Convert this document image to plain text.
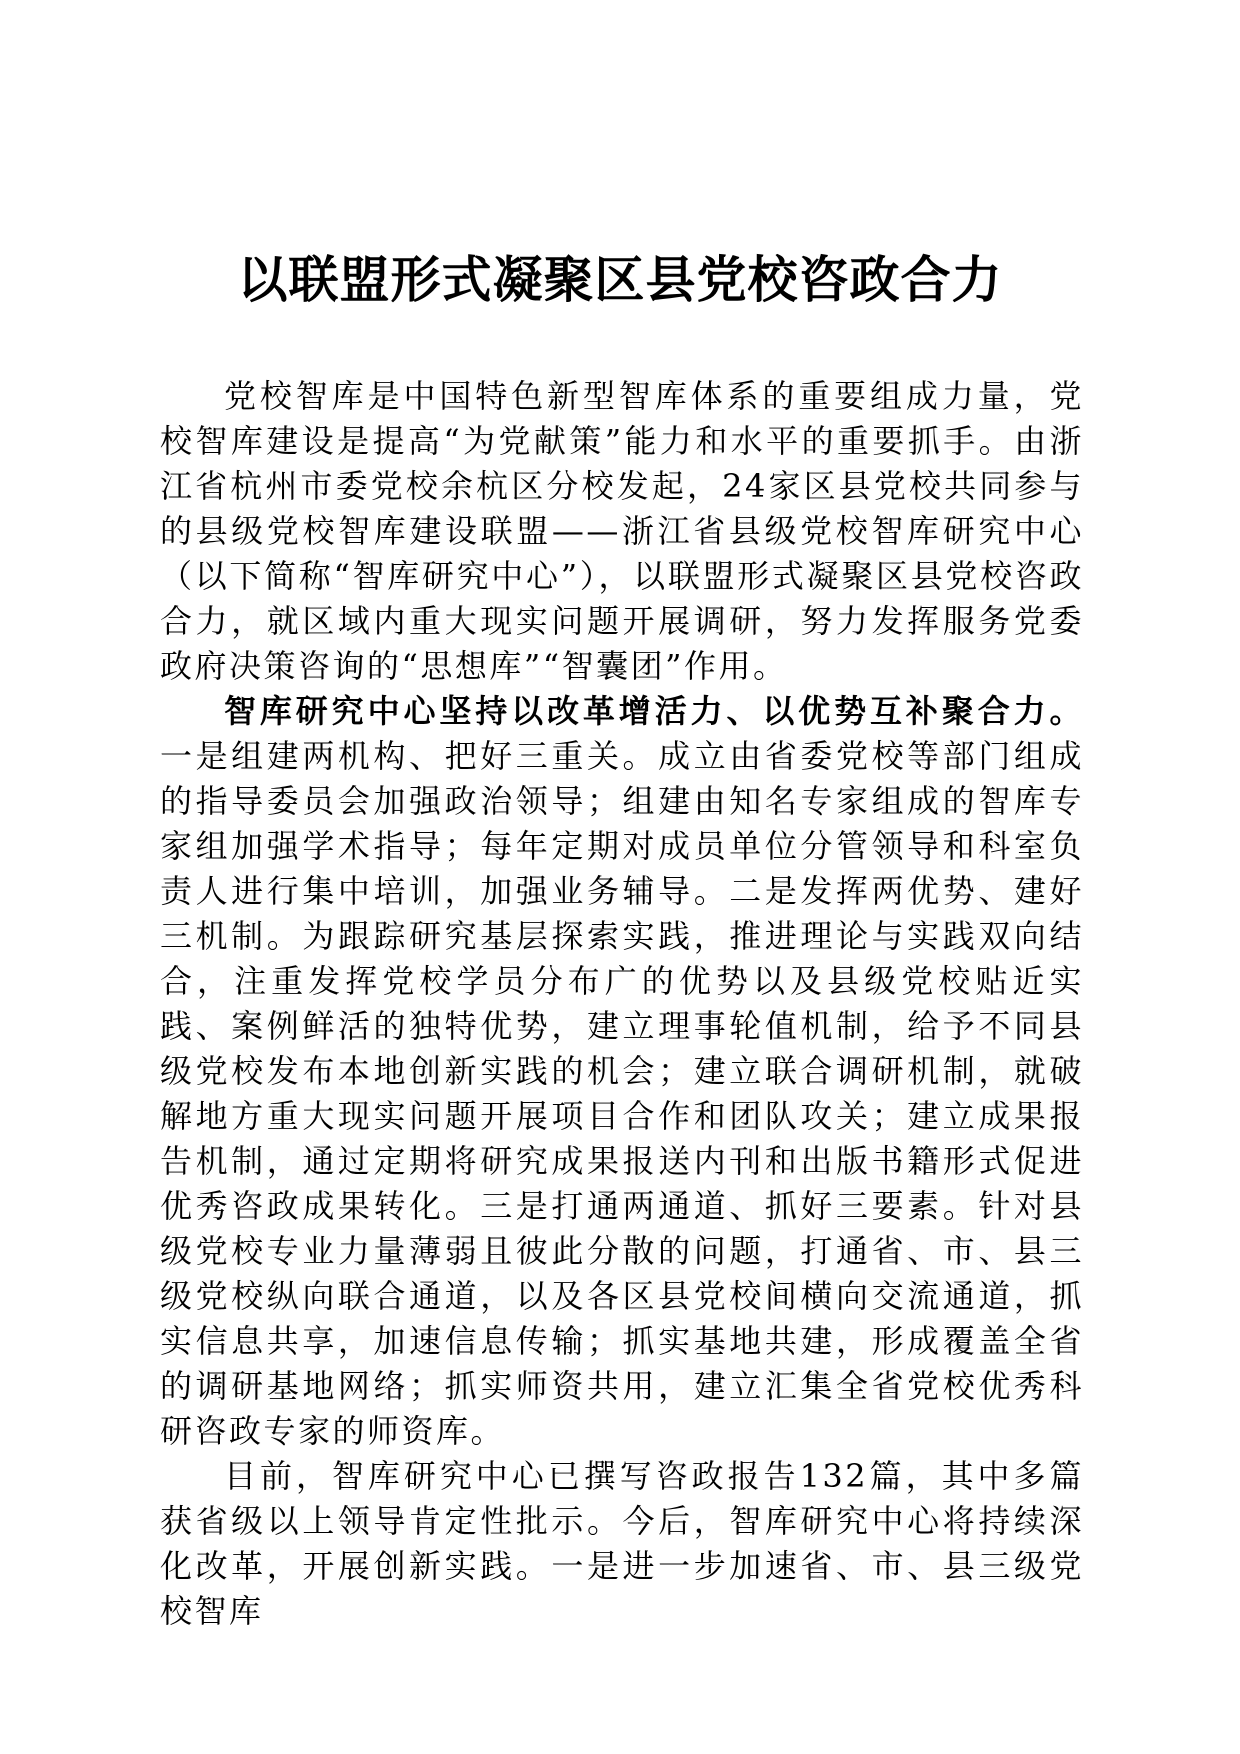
以联盟形式凝聚区县党校咨政合力

党校智库是中国特色新型智库体系的重要组成力量，党校智库建设是提高“为党献策”能力和水平的重要抓手。由浙江省杭州市委党校余杭区分校发起，24家区县党校共同参与的县级党校智库建设联盟——浙江省县级党校智库研究中心（以下简称“智库研究中心”），以联盟形式凝聚区县党校咨政合力，就区域内重大现实问题开展调研，努力发挥服务党委政府决策咨询的“思想库”“智囊团”作用。

智库研究中心坚持以改革增活力、以优势互补聚合力。一是组建两机构、把好三重关。成立由省委党校等部门组成的指导委员会加强政治领导；组建由知名专家组成的智库专家组加强学术指导；每年定期对成员单位分管领导和科室负责人进行集中培训，加强业务辅导。二是发挥两优势、建好三机制。为跟踪研究基层探索实践，推进理论与实践双向结合，注重发挥党校学员分布广的优势以及县级党校贴近实践、案例鲜活的独特优势，建立理事轮值机制，给予不同县级党校发布本地创新实践的机会；建立联合调研机制，就破解地方重大现实问题开展项目合作和团队攻关；建立成果报告机制，通过定期将研究成果报送内刊和出版书籍形式促进优秀咨政成果转化。三是打通两通道、抓好三要素。针对县级党校专业力量薄弱且彼此分散的问题，打通省、市、县三级党校纵向联合通道，以及各区县党校间横向交流通道，抓实信息共享，加速信息传输；抓实基地共建，形成覆盖全省的调研基地网络；抓实师资共用，建立汇集全省党校优秀科研咨政专家的师资库。

目前，智库研究中心已撰写咨政报告132篇，其中多篇获省级以上领导肯定性批示。今后，智库研究中心将持续深化改革，开展创新实践。一是进一步加速省、市、县三级党校智库
